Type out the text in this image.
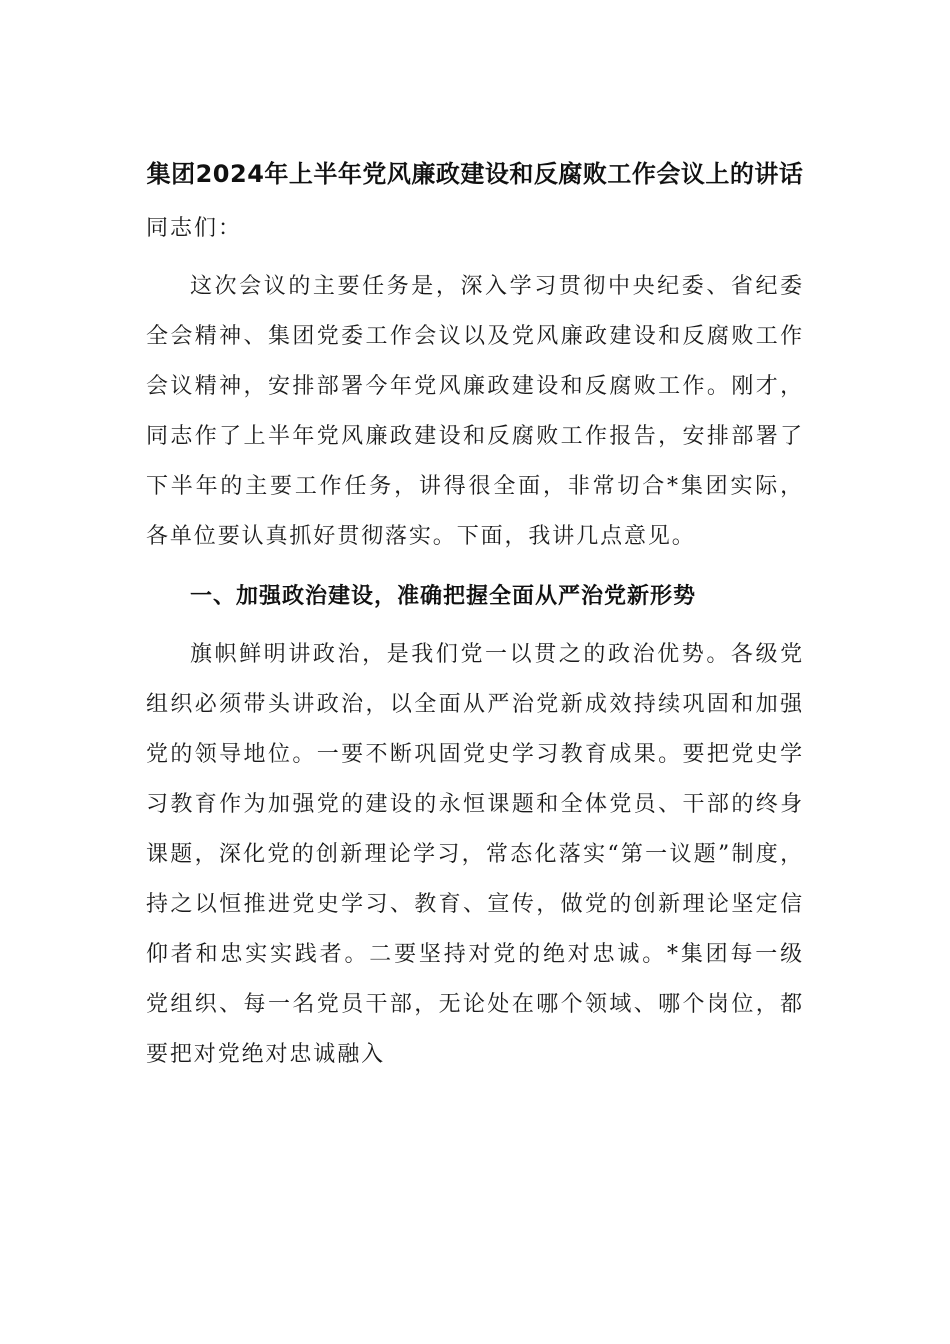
集团2024年上半年党风廉政建设和反腐败工作会议上的讲话

同志们：

这次会议的主要任务是，深入学习贯彻中央纪委、省纪委全会精神、集团党委工作会议以及党风廉政建设和反腐败工作会议精神，安排部署今年党风廉政建设和反腐败工作。刚才，同志作了上半年党风廉政建设和反腐败工作报告，安排部署了下半年的主要工作任务，讲得很全面，非常切合*集团实际，各单位要认真抓好贯彻落实。下面，我讲几点意见。

一、加强政治建设，准确把握全面从严治党新形势

旗帜鲜明讲政治，是我们党一以贯之的政治优势。各级党组织必须带头讲政治，以全面从严治党新成效持续巩固和加强党的领导地位。一要不断巩固党史学习教育成果。要把党史学习教育作为加强党的建设的永恒课题和全体党员、干部的终身课题，深化党的创新理论学习，常态化落实“第一议题”制度，持之以恒推进党史学习、教育、宣传，做党的创新理论坚定信仰者和忠实实践者。二要坚持对党的绝对忠诚。*集团每一级党组织、每一名党员干部，无论处在哪个领域、哪个岗位，都要把对党绝对忠诚融入
